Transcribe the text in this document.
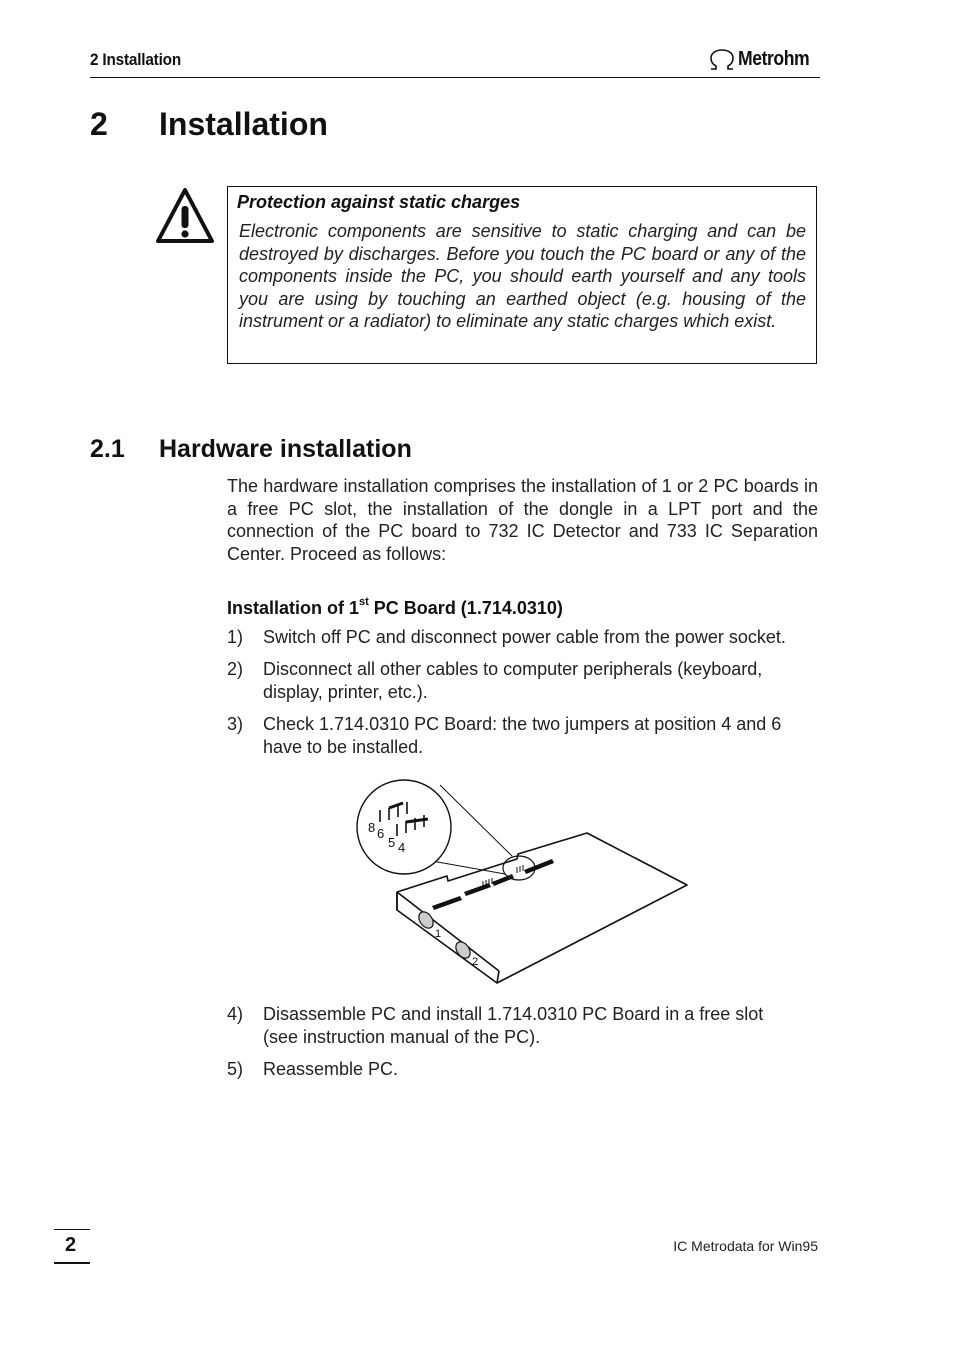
2 Installation	Metrohm
2 Installation
Protection against static charges
Electronic components are sensitive to static charging and can be destroyed by discharges. Before you touch the PC board or any of the components inside the PC, you should earth yourself and any tools you are using by touching an earthed object (e.g. housing of the instrument or a radiator) to eliminate any static charges which exist.
2.1 Hardware installation
The hardware installation comprises the installation of 1 or 2 PC boards in a free PC slot, the installation of the dongle in a LPT port and the connection of the PC board to 732 IC Detector and 733 IC Separation Center. Proceed as follows:
Installation of 1st PC Board (1.714.0310)
1) Switch off PC and disconnect power cable from the power socket.
2) Disconnect all other cables to computer peripherals (keyboard, display, printer, etc.).
3) Check 1.714.0310 PC Board: the two jumpers at position 4 and 6 have to be installed.
1
2
8 6
5 4
4) Disassemble PC and install 1.714.0310 PC Board in a free slot (see instruction manual of the PC).
5) Reassemble PC.
2	IC Metrodata for Win95
